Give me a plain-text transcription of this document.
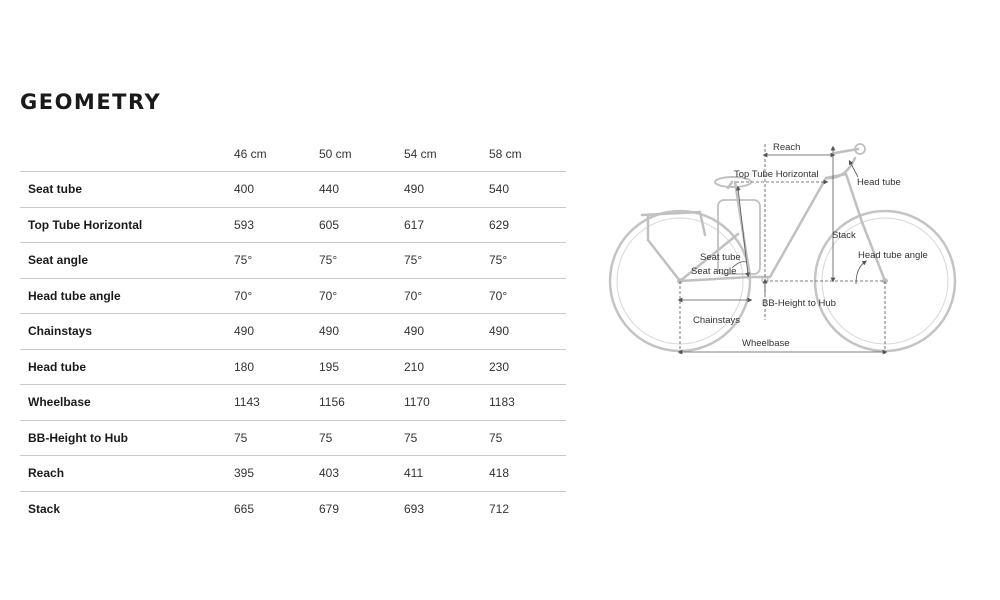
GEOMETRY
	46 cm	50 cm	54 cm	58 cm
Seat tube	400	440	490	540
Top Tube Horizontal	593	605	617	629
Seat angle	75°	75°	75°	75°
Head tube angle	70°	70°	70°	70°
Chainstays	490	490	490	490
Head tube	180	195	210	230
Wheelbase	1143	1156	1170	1183
BB-Height to Hub	75	75	75	75
Reach	395	403	411	418
Stack	665	679	693	712
Reach
Top Tube Horizontal
Head tube
Stack
Seat tube	Head tube angle
Seat angle
BB-Height to Hub
Chainstays
Wheelbase
